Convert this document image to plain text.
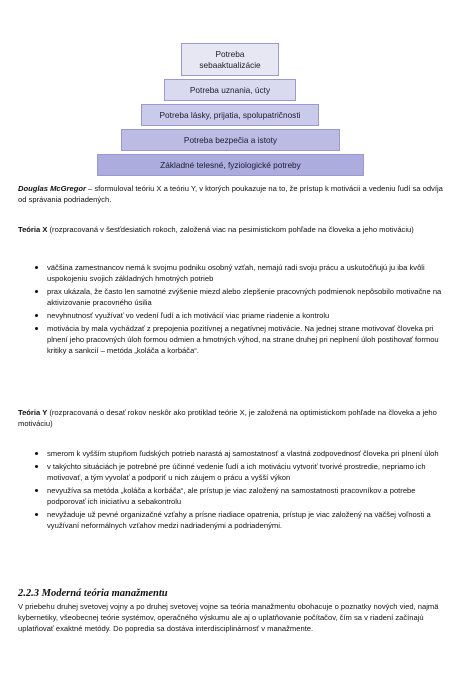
Potreba
sebaaktualizácie
Potreba uznania, úcty
Potreba lásky, prijatia, spolupatričnosti
Potreba bezpečia a istoty
Základné telesné, fyziologické potreby

Douglas McGregor – sformuloval teóriu X a teóriu Y, v ktorých poukazuje na to, že prístup k motivácii a vedeniu ľudí sa odvíja od správania podriadených.

Teória X (rozpracovaná v šesťdesiatich rokoch, založená viac na pesimistickom pohľade na človeka a jeho motiváciu)

väčšina zamestnancov nemá k svojmu podniku osobný vzťah, nemajú radi svoju prácu a uskutočňujú ju iba kvôli uspokojeniu svojich základných hmotných potrieb
prax ukázala, že často len samotné zvýšenie miezd alebo zlepšenie pracovných podmienok nepôsobilo motivačne na aktivizovanie pracovného úsilia
nevyhnutnosť využívať vo vedení ľudí a ich motivácií viac priame riadenie a kontrolu
motivácia by mala vychádzať z prepojenia pozitívnej a negatívnej motivácie. Na jednej strane motivovať človeka pri plnení jeho pracovných úloh formou odmien a hmotných výhod, na strane druhej pri neplnení úloh postihovať formou kritiky a sankcií – metóda „koláča a korbáča“.

Teória Y (rozpracovaná o desať rokov neskôr ako protiklad teórie X, je založená na optimistickom pohľade na človeka a jeho motiváciu)

smerom k vyšším stupňom ľudských potrieb narastá aj samostatnosť a vlastná zodpovednosť človeka pri plnení úloh
v takýchto situáciách je potrebné pre účinné vedenie ľudí a ich motiváciu vytvoriť tvorivé prostredie, nepriamo ich motivovať, a tým vyvolať a podporiť u nich záujem o prácu a vyšší výkon
nevyužíva sa metóda „koláča a korbáča“, ale prístup je viac založený na samostatnosti pracovníkov a potrebe podporovať ich iniciatívu a sebakontrolu
nevyžaduje už pevné organizačné vzťahy a prísne riadiace opatrenia, prístup je viac založený na väčšej voľnosti a využívaní neformálnych vzťahov medzi nadriadenými a podriadenými.
2.2.3 Moderná teória manažmentu

V priebehu druhej svetovej vojny a po druhej svetovej vojne sa teória manažmentu obohacuje o poznatky nových vied, najmä kybernetiky, všeobecnej teórie systémov, operačného výskumu ale aj o uplatňovanie počítačov, čím sa v riadení začínajú uplatňovať exaktné metódy. Do popredia sa dostáva interdisciplinárnosť v manažmente.
